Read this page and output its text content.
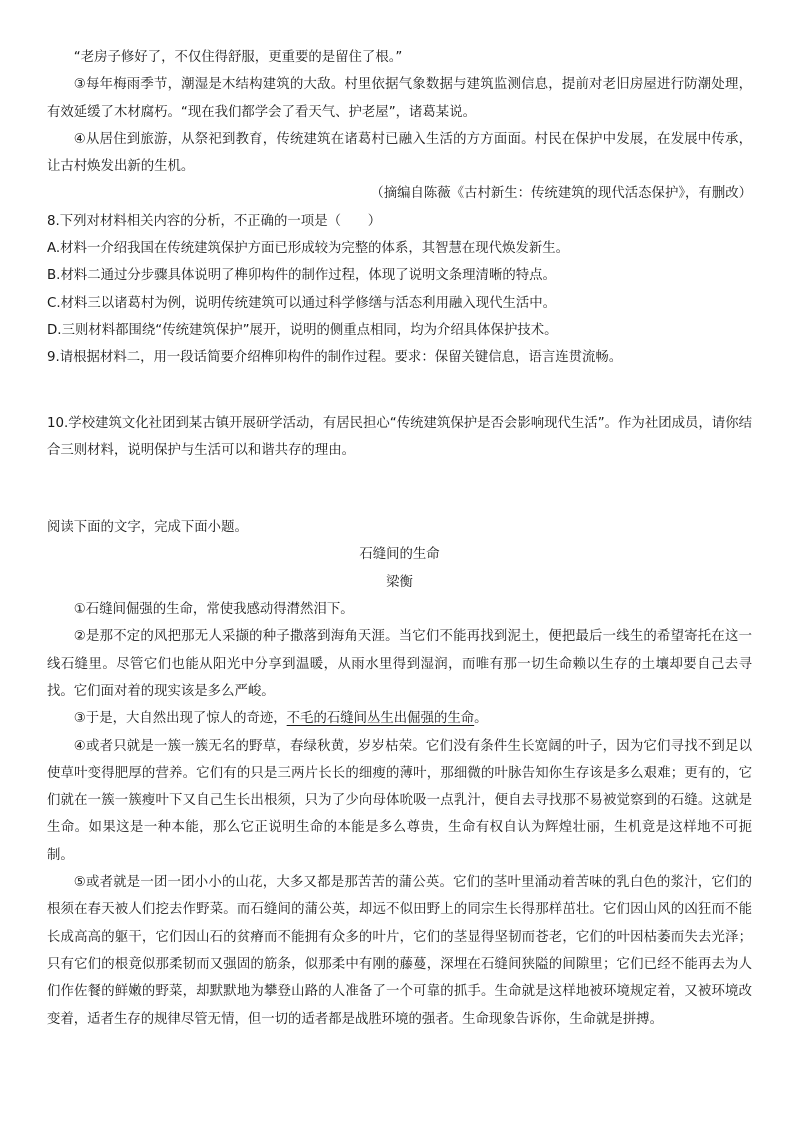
“老房子修好了，不仅住得舒服，更重要的是留住了根。”

③每年梅雨季节，潮湿是木结构建筑的大敌。村里依据气象数据与建筑监测信息，提前对老旧房屋进行防潮处理，有效延缓了木材腐朽。“现在我们都学会了看天气、护老屋”，诸葛某说。

④从居住到旅游，从祭祀到教育，传统建筑在诸葛村已融入生活的方方面面。村民在保护中发展，在发展中传承，让古村焕发出新的生机。

（摘编自陈薇《古村新生：传统建筑的现代活态保护》，有删改）

8.下列对材料相关内容的分析，不正确的一项是（　　）

A.材料一介绍我国在传统建筑保护方面已形成较为完整的体系，其智慧在现代焕发新生。

B.材料二通过分步骤具体说明了榫卯构件的制作过程，体现了说明文条理清晰的特点。

C.材料三以诸葛村为例，说明传统建筑可以通过科学修缮与活态利用融入现代生活中。

D.三则材料都围绕“传统建筑保护”展开，说明的侧重点相同，均为介绍具体保护技术。

9.请根据材料二，用一段话简要介绍榫卯构件的制作过程。要求：保留关键信息，语言连贯流畅。

10.学校建筑文化社团到某古镇开展研学活动，有居民担心“传统建筑保护是否会影响现代生活”。作为社团成员，请你结合三则材料，说明保护与生活可以和谐共存的理由。

阅读下面的文字，完成下面小题。

石缝间的生命

梁衡

①石缝间倔强的生命，常使我感动得潸然泪下。

②是那不定的风把那无人采撷的种子撒落到海角天涯。当它们不能再找到泥土，便把最后一线生的希望寄托在这一线石缝里。尽管它们也能从阳光中分享到温暖，从雨水里得到湿润，而唯有那一切生命赖以生存的土壤却要自己去寻找。它们面对着的现实该是多么严峻。

③于是，大自然出现了惊人的奇迹，不毛的石缝间丛生出倔强的生命。

④或者只就是一簇一簇无名的野草，春绿秋黄，岁岁枯荣。它们没有条件生长宽阔的叶子，因为它们寻找不到足以使草叶变得肥厚的营养。它们有的只是三两片长长的细瘦的薄叶，那细微的叶脉告知你生存该是多么艰难；更有的，它们就在一簇一簇瘦叶下又自己生长出根须，只为了少向母体吮吸一点乳汁，便自去寻找那不易被觉察到的石缝。这就是生命。如果这是一种本能，那么它正说明生命的本能是多么尊贵，生命有权自认为辉煌壮丽，生机竟是这样地不可扼制。

⑤或者就是一团一团小小的山花，大多又都是那苦苦的蒲公英。它们的茎叶里涌动着苦味的乳白色的浆汁，它们的根须在春天被人们挖去作野菜。而石缝间的蒲公英，却远不似田野上的同宗生长得那样茁壮。它们因山风的凶狂而不能长成高高的躯干，它们因山石的贫瘠而不能拥有众多的叶片，它们的茎显得坚韧而苍老，它们的叶因枯萎而失去光泽；只有它们的根竟似那柔韧而又强固的筋条，似那柔中有刚的藤蔓，深埋在石缝间狭隘的间隙里；它们已经不能再去为人们作佐餐的鲜嫩的野菜，却默默地为攀登山路的人准备了一个可靠的抓手。生命就是这样地被环境规定着，又被环境改变着，适者生存的规律尽管无情，但一切的适者都是战胜环境的强者。生命现象告诉你，生命就是拼搏。
